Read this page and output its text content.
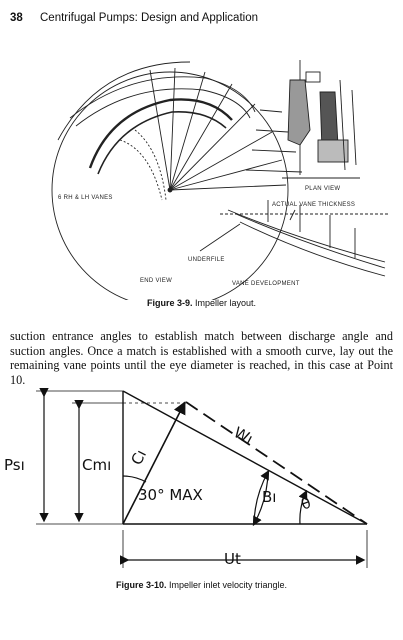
38 Centrifugal Pumps: Design and Application
6 RH & LH VANES
END VIEW
PLAN VIEW
ACTUAL VANE THICKNESS
UNDERFILE
VANE DEVELOPMENT
Figure 3-9. Impeller layout.
suction entrance angles to establish match between discharge angle and suction angles. Once a match is established with a smooth curve, lay out the remaining vane points until the eye diameter is reached, in this case at Point 10.
Psı	Cmı Cı
Wı
30° MAX	Bı θ
Ut
Figure 3-10. Impeller inlet velocity triangle.
